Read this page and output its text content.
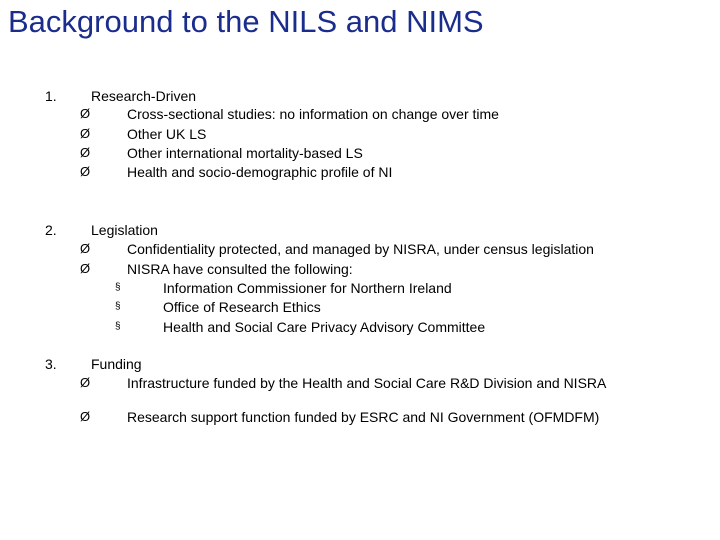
Background to the NILS and NIMS
1. Research-Driven
Ø	Cross-sectional studies: no information on change over time
Ø	Other UK LS
Ø	Other international mortality-based LS
Ø	Health and socio-demographic profile of NI
2. Legislation
Ø	Confidentiality protected, and managed by NISRA, under census legislation
Ø	NISRA have consulted the following:
§	Information Commissioner for Northern Ireland
§	Office of Research Ethics
§	Health and Social Care Privacy Advisory Committee
3. Funding
Ø	Infrastructure funded by the Health and Social Care R&D Division and NISRA
Ø	Research support function funded by ESRC and NI Government (OFMDFM)
